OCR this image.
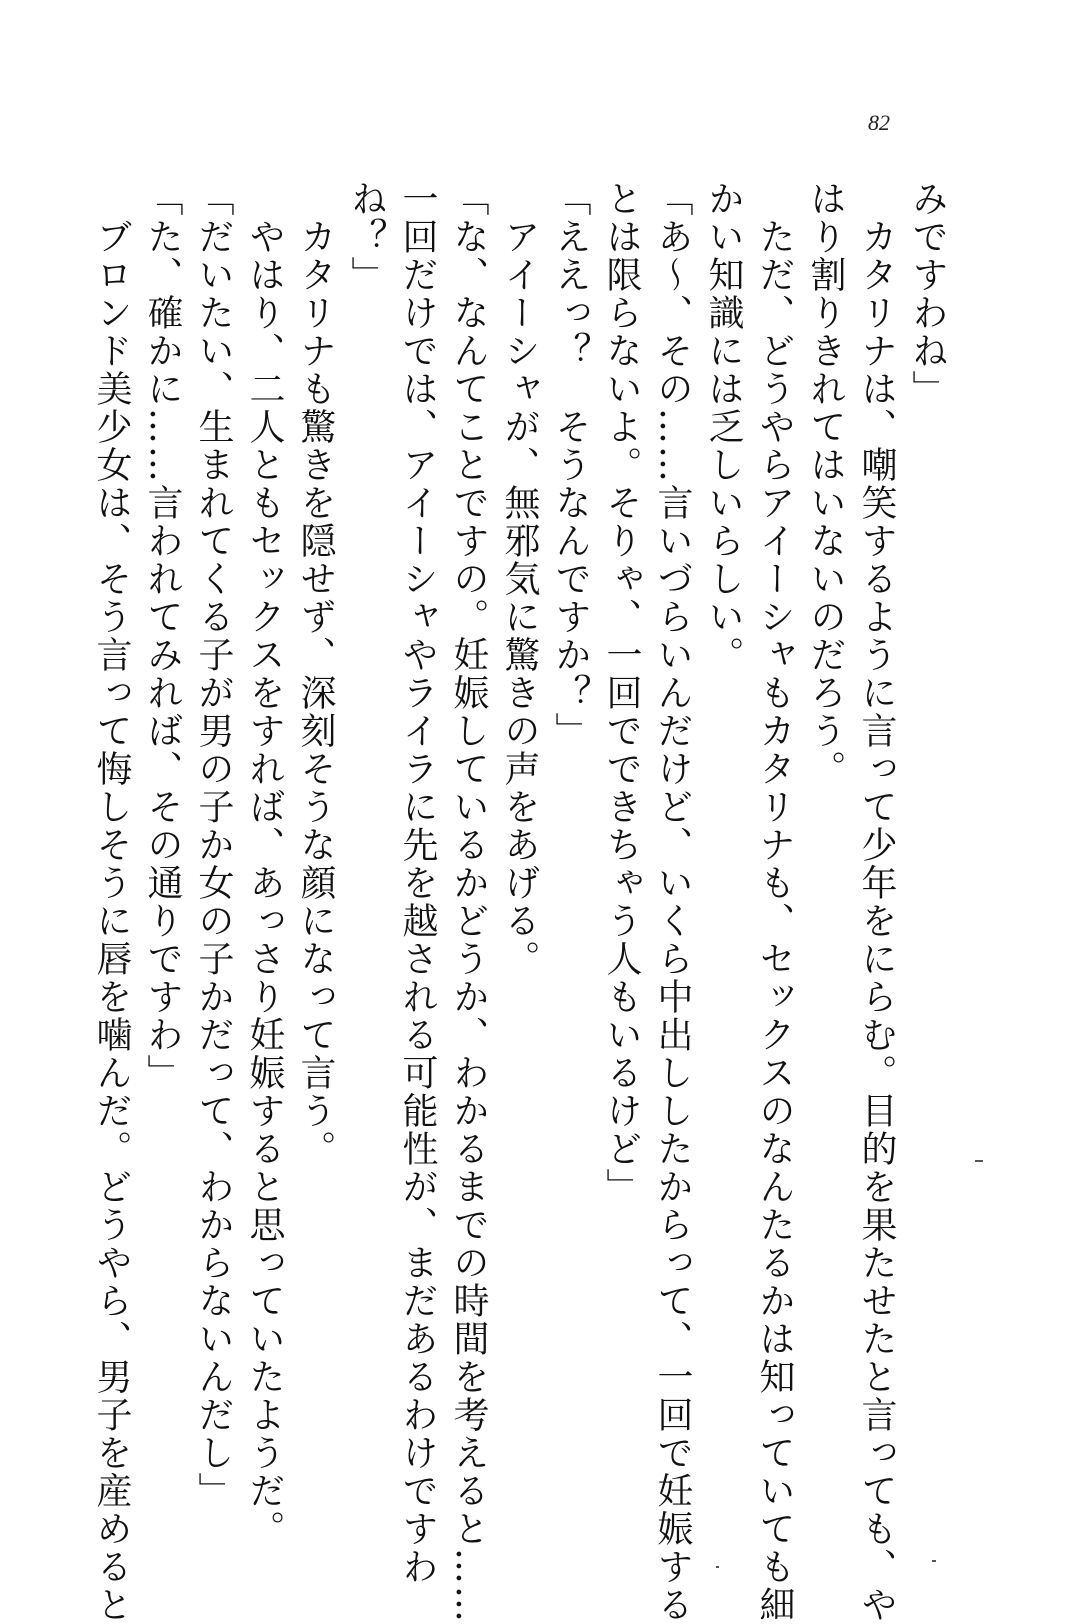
82
みですわね」
　カタリナは、嘲笑するように言って少年をにらむ。目的を果たせたと言っても、や
はり割りきれてはいないのだろう。
　ただ、どうやらアイーシャもカタリナも、セックスのなんたるかは知っていても細
かい知識には乏しいらしい。
「あ～、その……言いづらいんだけど、いくら中出ししたからって、一回で妊娠する
とは限らないよ。そりゃ、一回でできちゃう人もいるけど」
「ええっ？　そうなんですか？」
　アイーシャが、無邪気に驚きの声をあげる。
「な、なんてことですの。妊娠しているかどうか、わかるまでの時間を考えると……
一回だけでは、アイーシャやライラに先を越される可能性が、まだあるわけですわ
ね？」
　カタリナも驚きを隠せず、深刻そうな顔になって言う。
　やはり、二人ともセックスをすれば、あっさり妊娠すると思っていたようだ。
「だいたい、生まれてくる子が男の子か女の子かだって、わからないんだし」
「た、確かに……言われてみれば、その通りですわ」
　ブロンド美少女は、そう言って悔しそうに唇を噛んだ。どうやら、男子を産めると
